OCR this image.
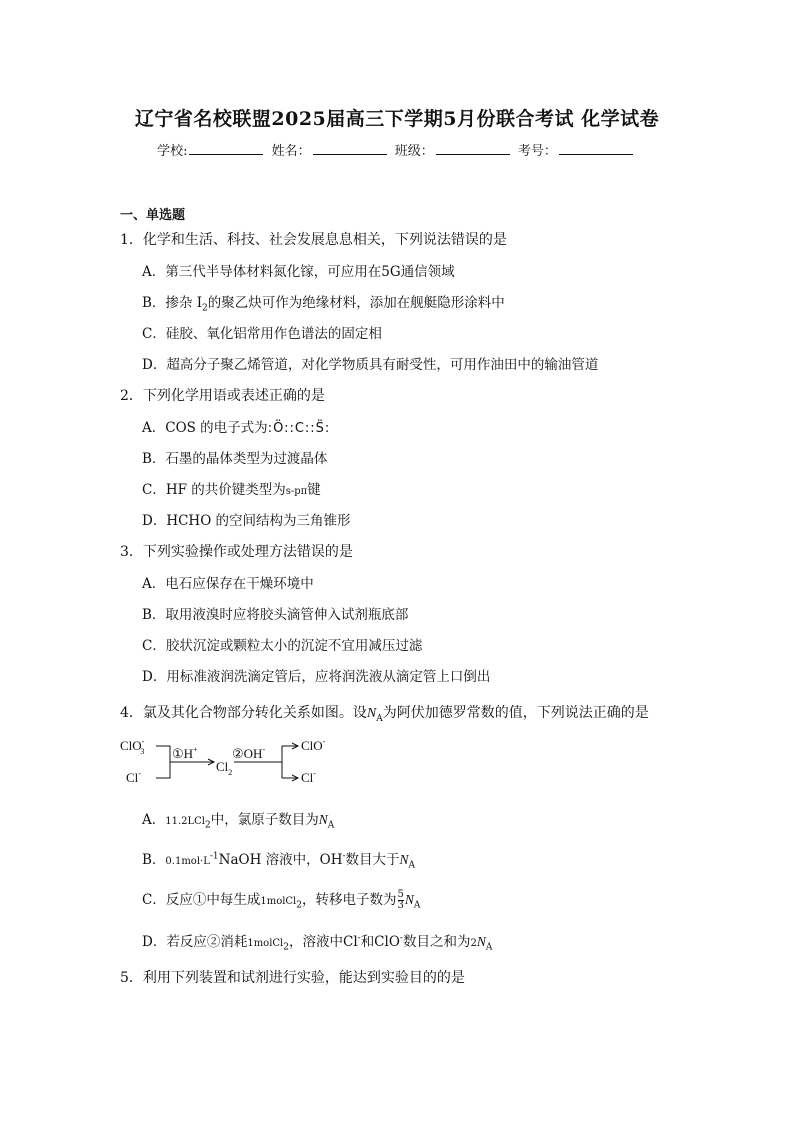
辽宁省名校联盟2025届高三下学期5月份联合考试 化学试卷
学校:	姓名：	班级：	考号：
一、单选题
1．化学和生活、科技、社会发展息息相关，下列说法错误的是
A．第三代半导体材料氮化镓，可应用在5G通信领域
B．掺杂 $I_2$的聚乙炔可作为绝缘材料，添加在舰艇隐形涂料中
C．硅胶、氧化铝常用作色谱法的固定相
D．超高分子聚乙烯管道，对化学物质具有耐受性，可用作油田中的输油管道
2．下列化学用语或表述正确的是
A．COS 的电子式为:Ö::C::S̈:
B．石墨的晶体类型为过渡晶体
C．HF 的共价键类型为s-pπ键
D．HCHO 的空间结构为三角锥形
3．下列实验操作或处理方法错误的是
A．电石应保存在干燥环境中
B．取用液溴时应将胶头滴管伸入试剂瓶底部
C．胶状沉淀或颗粒太小的沉淀不宜用减压过滤
D．用标准液润洗滴定管后，应将润洗液从滴定管上口倒出
4．氯及其化合物部分转化关系如图。设$N_A$为阿伏加德罗常数的值，下列说法正确的是
ClO-3
Cl-
①H+
$Cl_2$
②OH-	ClO-
Cl-
A．11.2LCl$_2$中，氯原子数目为$N_A$
B．$0.1mol\cdot L^{-1}NaOH$ 溶液中，OH-数目大于$N_A$
C．反应①中每生成1molCl$_2$，转移电子数为 $\frac{5}{3} N_A$
D．若反应②消耗1molCl$_2$，溶液中Cl-和ClO-数目之和为$2N_A$
5．利用下列装置和试剂进行实验，能达到实验目的的是
